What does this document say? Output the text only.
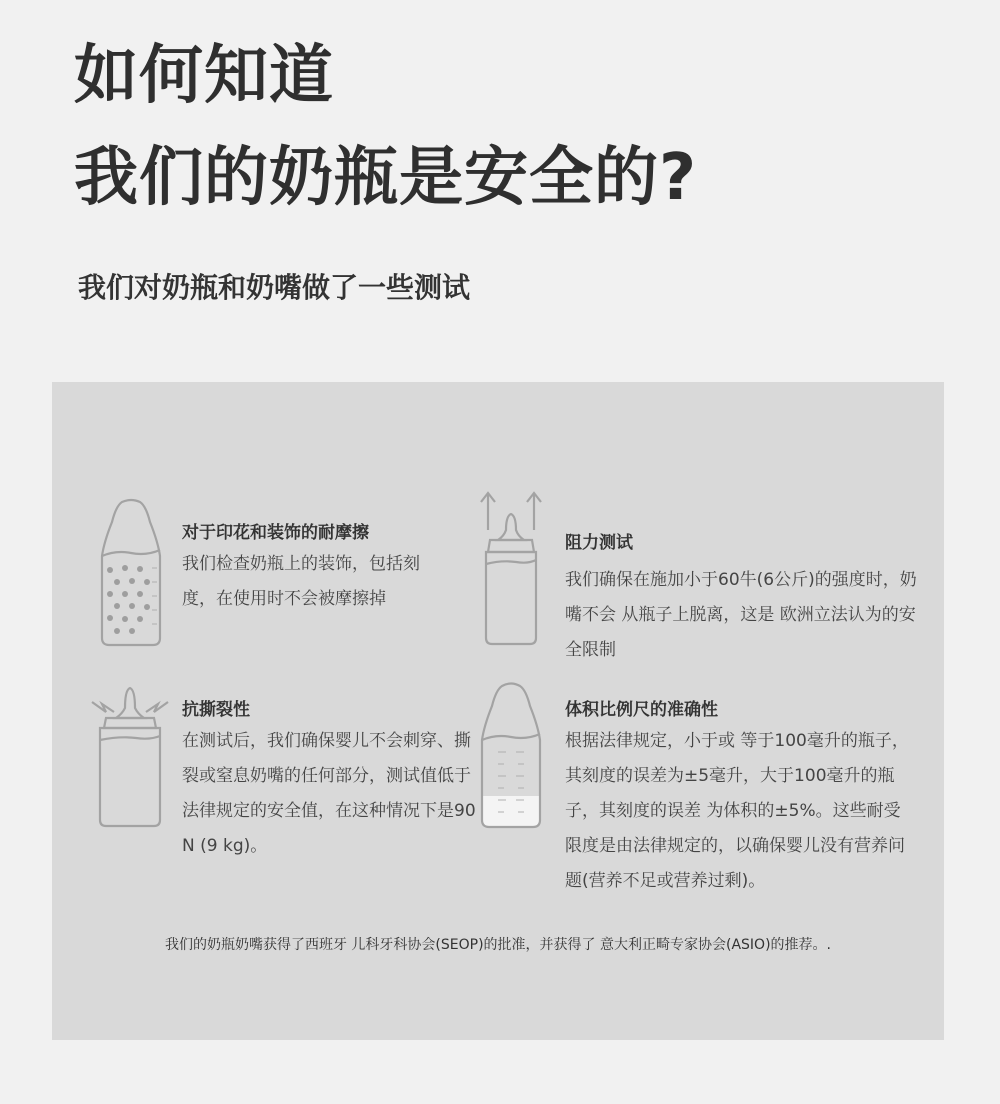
如何知道
我们的奶瓶是安全的?
我们对奶瓶和奶嘴做了一些测试
对于印花和装饰的耐摩擦
我们检查奶瓶上的装饰，包括刻度，在使用时不会被摩擦掉
阻力测试
我们确保在施加小于60牛(6公斤)的强度时，奶嘴不会 从瓶子上脱离，这是 欧洲立法认为的安全限制
抗撕裂性
在测试后，我们确保婴儿不会刺穿、撕裂或窒息奶嘴的任何部分，测试值低于法律规定的安全值，在这种情况下是90 N (9 kg)。
体积比例尺的准确性
根据法律规定，小于或 等于100毫升的瓶子，其刻度的误差为±5毫升，大于100毫升的瓶子，其刻度的误差 为体积的±5%。这些耐受限度是由法律规定的，以确保婴儿没有营养问题(营养不足或营养过剩)。
我们的奶瓶奶嘴获得了西班牙 儿科牙科协会(SEOP)的批准，并获得了 意大利正畸专家协会(ASIO)的推荐。.
